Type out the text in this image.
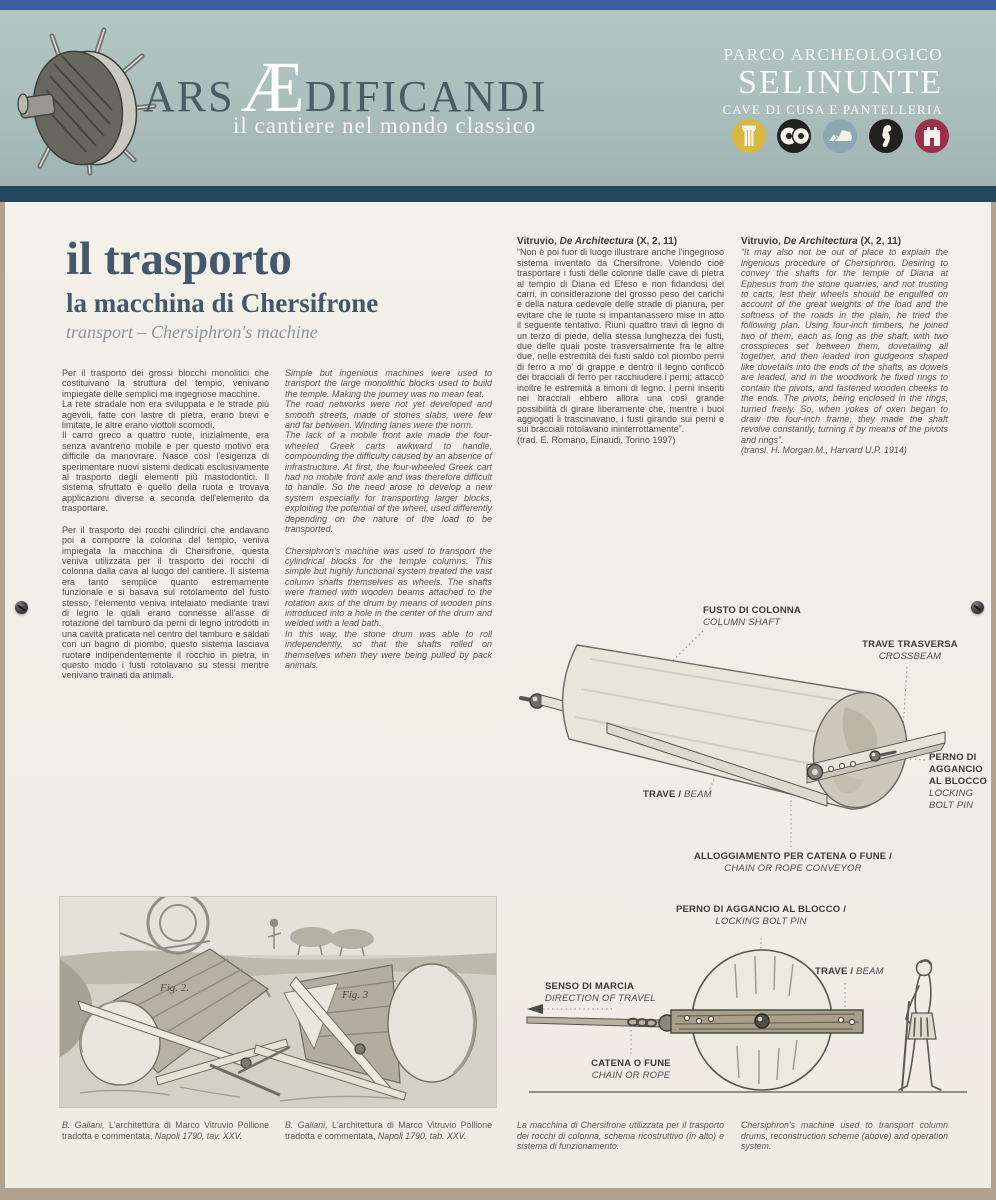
ARS ÆDIFICANDI
il cantiere nel mondo classico
PARCO ARCHEOLOGICO
SELINUNTE
CAVE DI CUSA E PANTELLERIA
il trasporto
la macchina di Chersifrone
transport – Chersiphron's machine

Per il trasporto dei grossi blocchi monolitici che costituivano la struttura del tempio, venivano impiegate delle semplici ma ingegnose macchine.

La rete stradale non era sviluppata e le strade più agevoli, fatte con lastre di pietra, erano brevi e limitate, le altre erano viottoli scomodi.

Il carro greco a quattro ruote, inizialmente, era senza avantreno mobile e per questo motivo era difficile da manovrare. Nasce così l'esigenza di sperimentare nuovi sistemi dedicati esclusivamente al trasporto degli elementi più mastodontici. Il sistema sfruttato è quello della ruota e trovava applicazioni diverse a seconda dell'elemento da trasportare.

Per il trasporto dei rocchi cilindrici che andavano poi a comporre la colonna del tempio, veniva impiegata la macchina di Chersifrone, questa veniva utilizzata per il trasporto dei rocchi di colonna dalla cava al luogo del cantiere. Il sistema era tanto semplice quanto estremamente funzionale e si basava sul rotolamento del fusto stesso, l'elemento veniva intelaiato mediante travi di legno le quali erano connesse all'asse di rotazione del tamburo da perni di legno introdotti in una cavità praticata nel centro del tamburo e saldati con un bagno di piombo, questo sistema lasciava ruotare indipendentemente il rocchio in pietra, in questo modo i fusti rotolavano su stessi mentre venivano trainati da animali.

Simple but ingenious machines were used to transport the large monolithic blocks used to build the temple. Making the journey was no mean feat.

The road networks were not yet developed and smooth streets, made of stones slabs, were few and far between. Winding lanes were the norm.

The lack of a mobile front axle made the four-wheeled Greek carts awkward to handle, compounding the difficulty caused by an absence of infrastructure. At first, the four-wheeled Greek cart had no mobile front axle and was therefore difficult to handle. So the need arose to develop a new system especially for transporting larger blocks, exploiting the potential of the wheel, used differently depending on the nature of the load to be transported.

Chersiphron's machine was used to transport the cylindrical blocks for the temple columns. This simple but highly functional system treated the vast column shafts themselves as wheels. The shafts were framed with wooden beams attached to the rotation axis of the drum by means of wooden pins introduced into a hole in the center of the drum and welded with a lead bath.

In this way, the stone drum was able to roll independently, so that the shafts rolled on themselves when they were being pulled by pack animals.

Vitruvio, De Architectura (X, 2, 11)

“Non è poi fuor di luogo illustrare anche l'ingegnoso sistema inventato da Chersifrone. Volendo cioè trasportare i fusti delle colonne dalle cave di pietra al tempio di Diana ed Efeso e non fidandosi dei carri, in considerazione del grosso peso dei carichi e della natura cedevole delle strade di pianura, per evitare che le ruote si impantanassero mise in atto il seguente tentativo. Riunì quattro travi di legno di un terzo di piede, della stessa lunghezza dei fusti, due delle quali poste trasversalmente fra le altre due, nelle estremità dei fusti saldò col piombo perni di ferro a mo' di grappe e dentro il legno conficcò dei bracciali di ferro per racchiudere i perni; attaccò inoltre le estremità a timoni di legno. I perni inseriti nei bracciali ebbero allora una così grande possibilità di girare liberamente che, mentre i buoi aggiogati li trascinavano, i fusti girando sui perni e sui bracciali rotolavano ininterrottamente”.

(trad. E. Romano, Einaudi, Torino 1997)

Vitruvio, De Architectura (X, 2, 11)

“It may also not be out of place to explain the ingenious procedure of Chersiphron. Desiring to convey the shafts for the temple of Diana at Ephesus from the stone quarries, and not trusting to carts, lest their wheels should be engulfed on account of the great weights of the load and the softness of the roads in the plain, he tried the following plan. Using four-inch timbers, he joined two of them, each as long as the shaft, with two crosspieces set between them, dovetailing all together, and then leaded iron gudgeons shaped like dovetails into the ends of the shafts, as dowels are leaded, and in the woodwork he fixed rings to contain the pivots, and fastened wooden cheeks to the ends. The pivots, being enclosed in the rings, turned freely. So, when yokes of oxen began to draw the four-inch frame, they made the shaft revolve constantly, turning it by means of the pivots and rings”.

(transl. H. Morgan M., Harvard U.P. 1914)

FUSTO DI COLONNA
COLUMN SHAFT
TRAVE TRASVERSA
CROSSBEAM
PERNO DI
AGGANCIO
AL BLOCCO
LOCKING
BOLT PIN
TRAVE / BEAM
ALLOGGIAMENTO PER CATENA O FUNE /
CHAIN OR ROPE CONVEYOR
PERNO DI AGGANCIO AL BLOCCO /
LOCKING BOLT PIN
TRAVE / BEAM
SENSO DI MARCIA
DIRECTION OF TRAVEL
CATENA O FUNE
CHAIN OR ROPE
Fig. 2.
Fig. 3
B. Galiani, L'architettura di Marco Vitruvio Pollione tradotta e commentata, Napoli 1790, tav. XXV.
B. Galiani, L'architettura di Marco Vitruvio Pollione tradotta e commentata, Napoli 1790, tab. XXV.
La macchina di Chersifrone utilizzata per il trasporto dei rocchi di colonna, schema ricostruttivo (in alto) e sistema di funzionamento.
Chersiphron's machine used to transport column drums, reconstruction scheme (above) and operation system.
